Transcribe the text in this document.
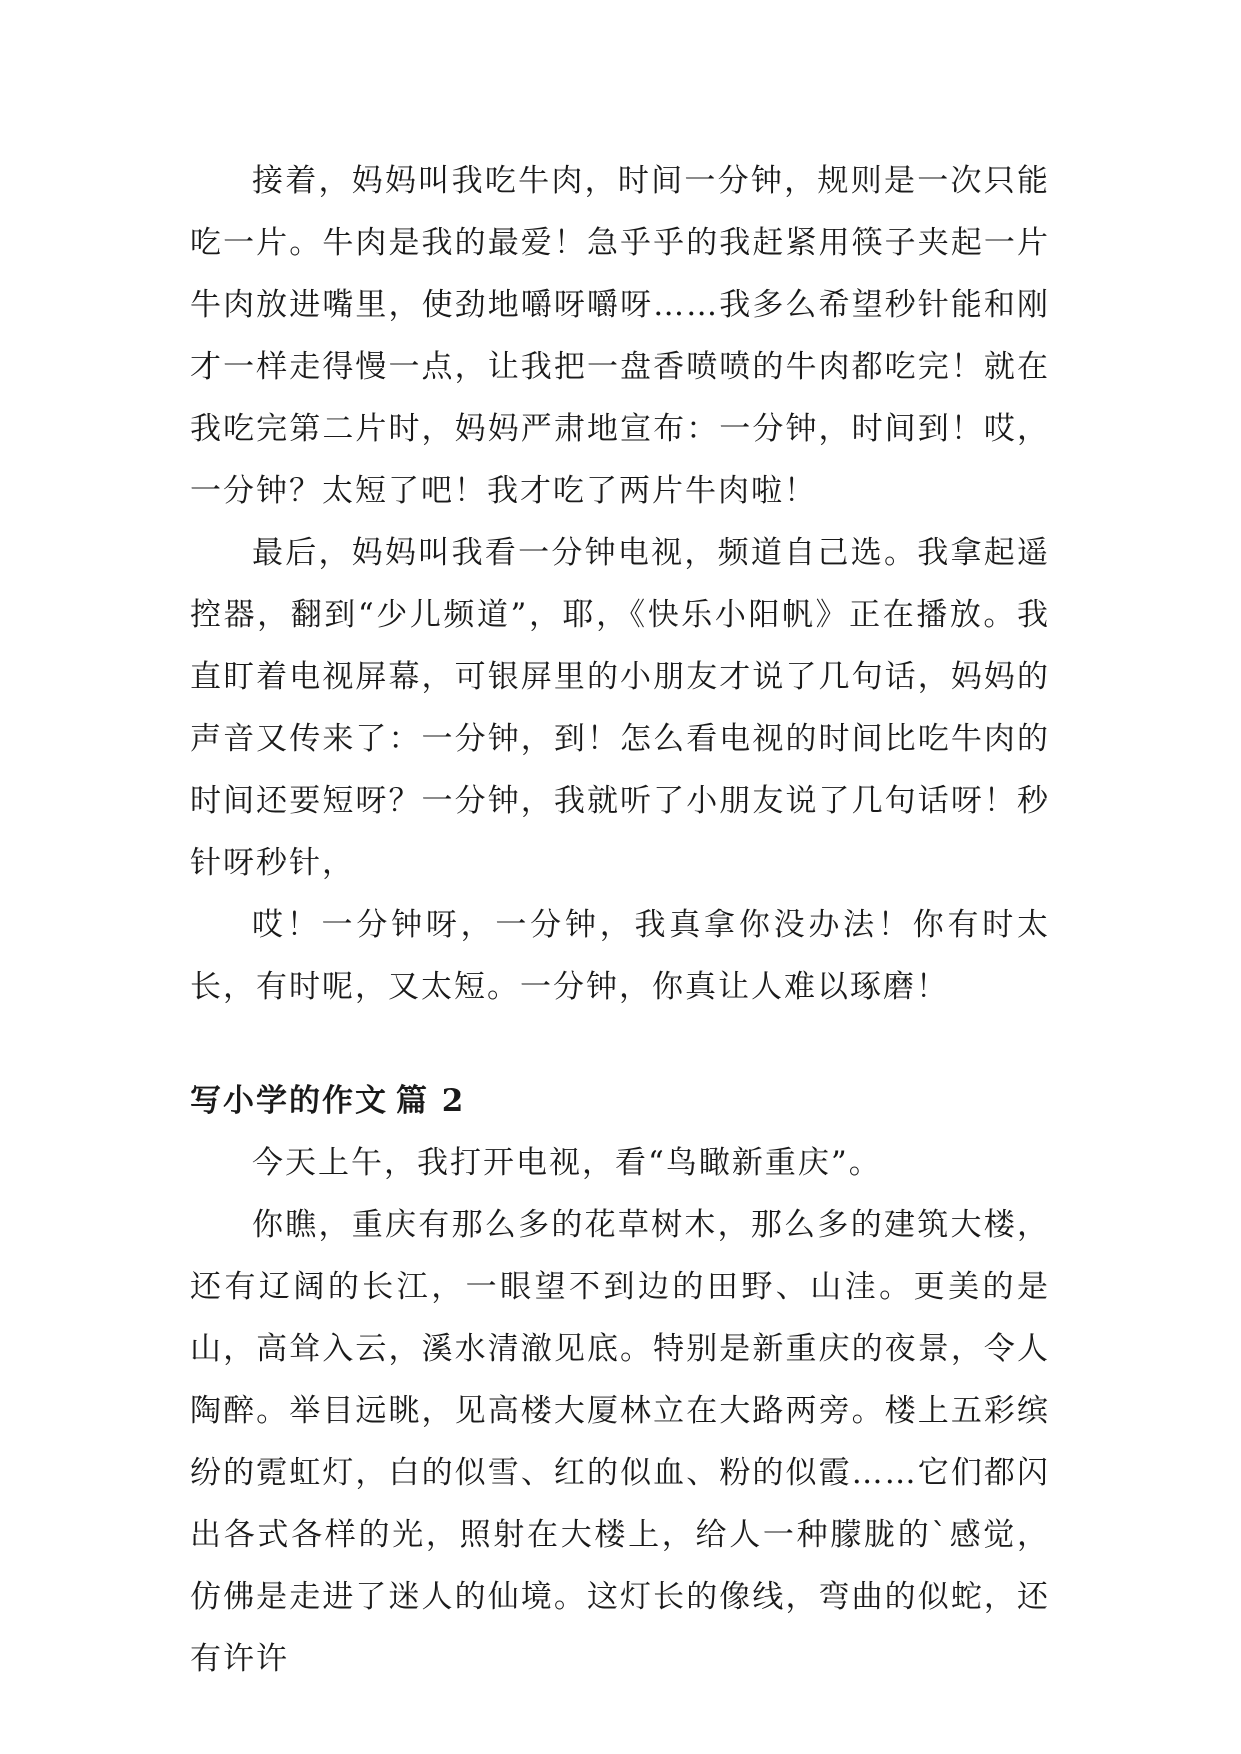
接着，妈妈叫我吃牛肉，时间一分钟，规则是一次只能吃一片。牛肉是我的最爱！急乎乎的我赶紧用筷子夹起一片牛肉放进嘴里，使劲地嚼呀嚼呀……我多么希望秒针能和刚才一样走得慢一点，让我把一盘香喷喷的牛肉都吃完！就在我吃完第二片时，妈妈严肃地宣布：一分钟，时间到！哎，一分钟？太短了吧！我才吃了两片牛肉啦！

最后，妈妈叫我看一分钟电视，频道自己选。我拿起遥控器，翻到“少儿频道”，耶，《快乐小阳帆》正在播放。我直盯着电视屏幕，可银屏里的小朋友才说了几句话，妈妈的声音又传来了：一分钟，到！怎么看电视的时间比吃牛肉的时间还要短呀？一分钟，我就听了小朋友说了几句话呀！秒针呀秒针，

哎！一分钟呀，一分钟，我真拿你没办法！你有时太长，有时呢，又太短。一分钟，你真让人难以琢磨！

写小学的作文 篇 2

今天上午，我打开电视，看“鸟瞰新重庆”。

你瞧，重庆有那么多的花草树木，那么多的建筑大楼，还有辽阔的长江，一眼望不到边的田野、山洼。更美的是山，高耸入云，溪水清澈见底。特别是新重庆的夜景，令人陶醉。举目远眺，见高楼大厦林立在大路两旁。楼上五彩缤纷的霓虹灯，白的似雪、红的似血、粉的似霞……它们都闪出各式各样的光，照射在大楼上，给人一种朦胧的`感觉，仿佛是走进了迷人的仙境。这灯长的像线，弯曲的似蛇，还有许许
